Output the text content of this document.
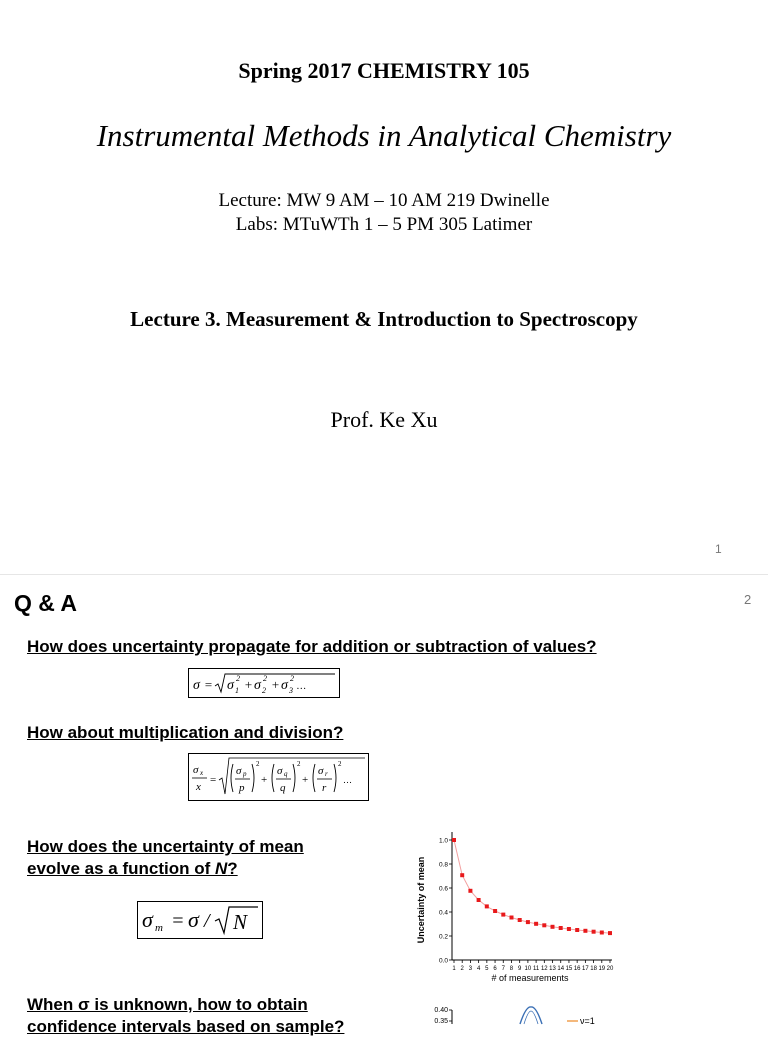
Spring 2017 CHEMISTRY 105
Instrumental Methods in Analytical Chemistry
Lecture: MW 9 AM – 10 AM 219 Dwinelle
Labs: MTuWTh 1 – 5 PM 305 Latimer
Lecture 3. Measurement & Introduction to Spectroscopy
Prof. Ke Xu
1
Q & A	2
How does uncertainty propagate for addition or subtraction of values?
σ = σ 1
2 + σ 2
2 + σ 3
2
…
How about multiplication and division?
σ x
x
=
σ p
p
2
+
σ q
q
2
+
σ r
r
2
…
How does the uncertainty of mean
evolve as a function of N?
σ m = σ / N
When σ is unknown, how to obtain
confidence intervals based on sample?
0.0
0.2
0.4
0.6
0.8
1.0
1 2 3 4 5 6 7 8 9 10 11 12 13 14 15 16 17 18 19 20
Uncertainty of mean
# of measurements
0.40
0.35	ν=1
